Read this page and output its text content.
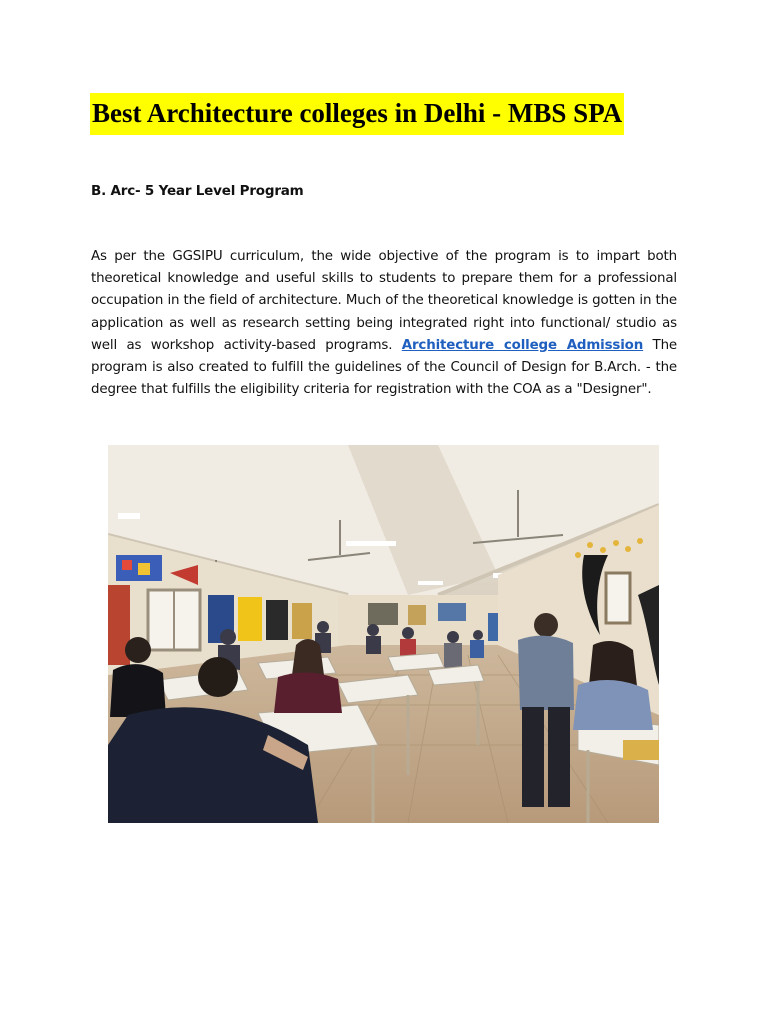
Best Architecture colleges in Delhi - MBS SPA
B. Arc- 5 Year Level Program

As per the GGSIPU curriculum, the wide objective of the program is to impart both theoretical knowledge and useful skills to students to prepare them for a professional occupation in the field of architecture. Much of the theoretical knowledge is gotten in the application as well as research setting being integrated right into functional/ studio as well as workshop activity-based programs. Architecture college Admission The program is also created to fulfill the guidelines of the Council of Design for B.Arch. - the degree that fulfills the eligibility criteria for registration with the COA as a "Designer".
